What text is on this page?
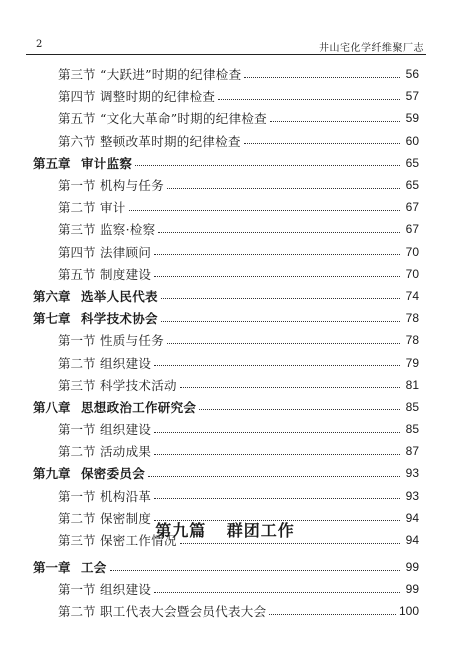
2	井山宅化学纤维聚厂志
第三节 “大跃进”时期的纪律检查	56
第四节 调整时期的纪律检查	57
第五节 “文化大革命”时期的纪律检查	59
第六节 整顿改革时期的纪律检查	60
第五章 审计监察	65
第一节 机构与任务	65
第二节 审计	67
第三节 监察·检察	67
第四节 法律顾问	70
第五节 制度建设	70
第六章 选举人民代表	74
第七章 科学技术协会	78
第一节 性质与任务	78
第二节 组织建设	79
第三节 科学技术活动	81
第八章 思想政治工作研究会	85
第一节 组织建设	85
第二节 活动成果	87
第九章 保密委员会	93
第一节 机构沿革	93
第二节 保密制度	94
第三节 保密工作情况	94
第九篇 群团工作
第一章 工会	99
第一节 组织建设	99
第二节 职工代表大会暨会员代表大会	100
